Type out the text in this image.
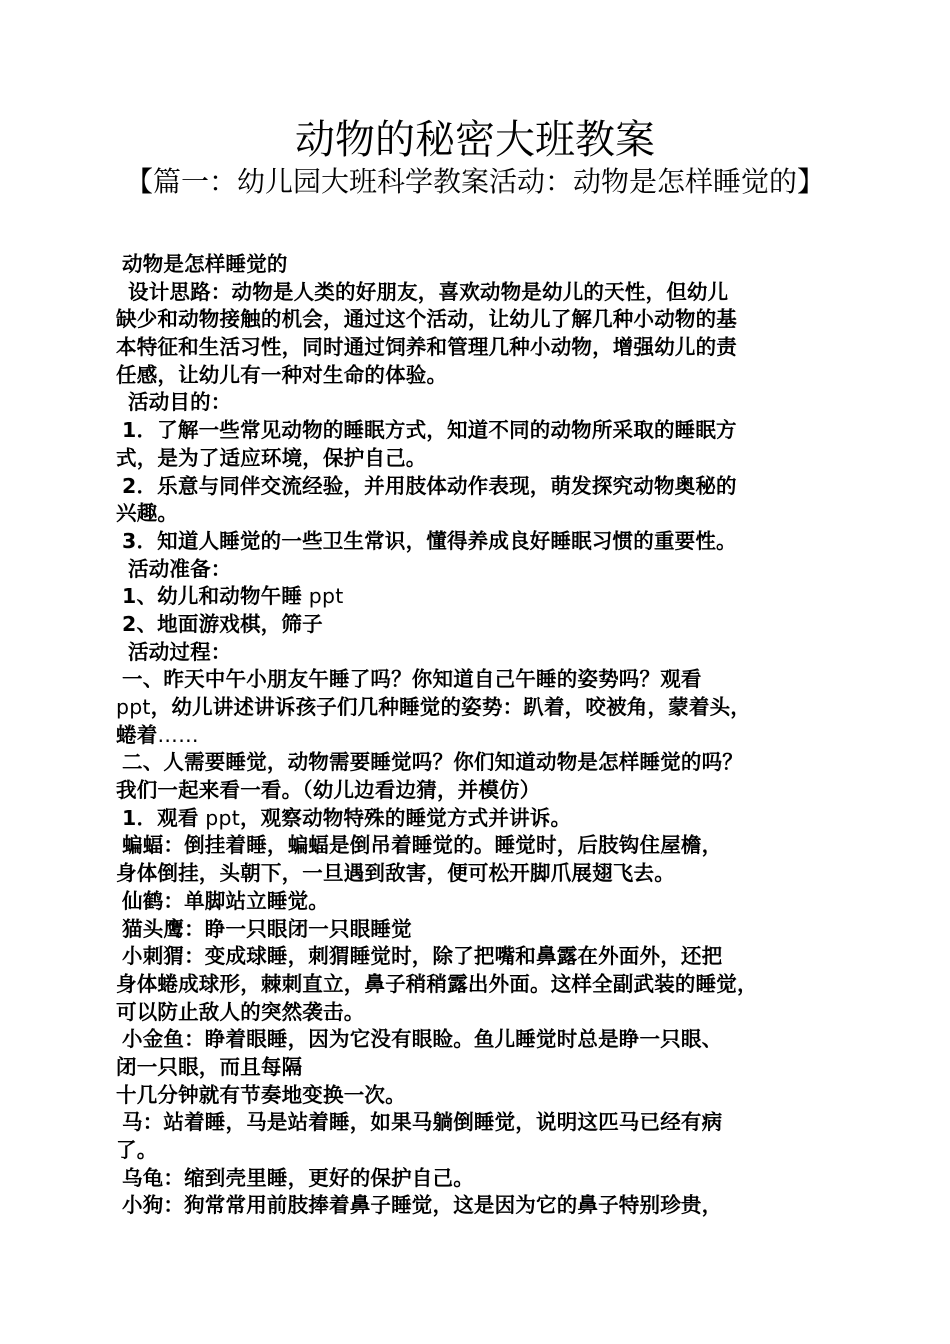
动物的秘密大班教案
【篇一：幼儿园大班科学教案活动：动物是怎样睡觉的】
动物是怎样睡觉的
设计思路：动物是人类的好朋友，喜欢动物是幼儿的天性，但幼儿
缺少和动物接触的机会，通过这个活动，让幼儿了解几种小动物的基
本特征和生活习性，同时通过饲养和管理几种小动物，增强幼儿的责
任感，让幼儿有一种对生命的体验。
活动目的：
1．了解一些常见动物的睡眠方式，知道不同的动物所采取的睡眠方
式，是为了适应环境，保护自己。
2．乐意与同伴交流经验，并用肢体动作表现，萌发探究动物奥秘的
兴趣。
3．知道人睡觉的一些卫生常识，懂得养成良好睡眠习惯的重要性。
活动准备：
1、幼儿和动物午睡 ppt
2、地面游戏棋，筛子
活动过程：
一、昨天中午小朋友午睡了吗？你知道自己午睡的姿势吗？观看
ppt，幼儿讲述讲诉孩子们几种睡觉的姿势：趴着，咬被角，蒙着头，
蜷着……
二、人需要睡觉，动物需要睡觉吗？你们知道动物是怎样睡觉的吗？
我们一起来看一看。（幼儿边看边猜，并模仿）
1．观看 ppt，观察动物特殊的睡觉方式并讲诉。
蝙蝠：倒挂着睡，蝙蝠是倒吊着睡觉的。睡觉时，后肢钩住屋檐，
身体倒挂，头朝下，一旦遇到敌害，便可松开脚爪展翅飞去。
仙鹤：单脚站立睡觉。
猫头鹰：睁一只眼闭一只眼睡觉
小刺猬：变成球睡，刺猬睡觉时，除了把嘴和鼻露在外面外，还把
身体蜷成球形，棘刺直立，鼻子稍稍露出外面。这样全副武装的睡觉，
可以防止敌人的突然袭击。
小金鱼：睁着眼睡，因为它没有眼睑。鱼儿睡觉时总是睁一只眼、
闭一只眼，而且每隔
十几分钟就有节奏地变换一次。
马：站着睡，马是站着睡，如果马躺倒睡觉，说明这匹马已经有病
了。
乌龟：缩到壳里睡，更好的保护自己。
小狗：狗常常用前肢捧着鼻子睡觉，这是因为它的鼻子特别珍贵，
